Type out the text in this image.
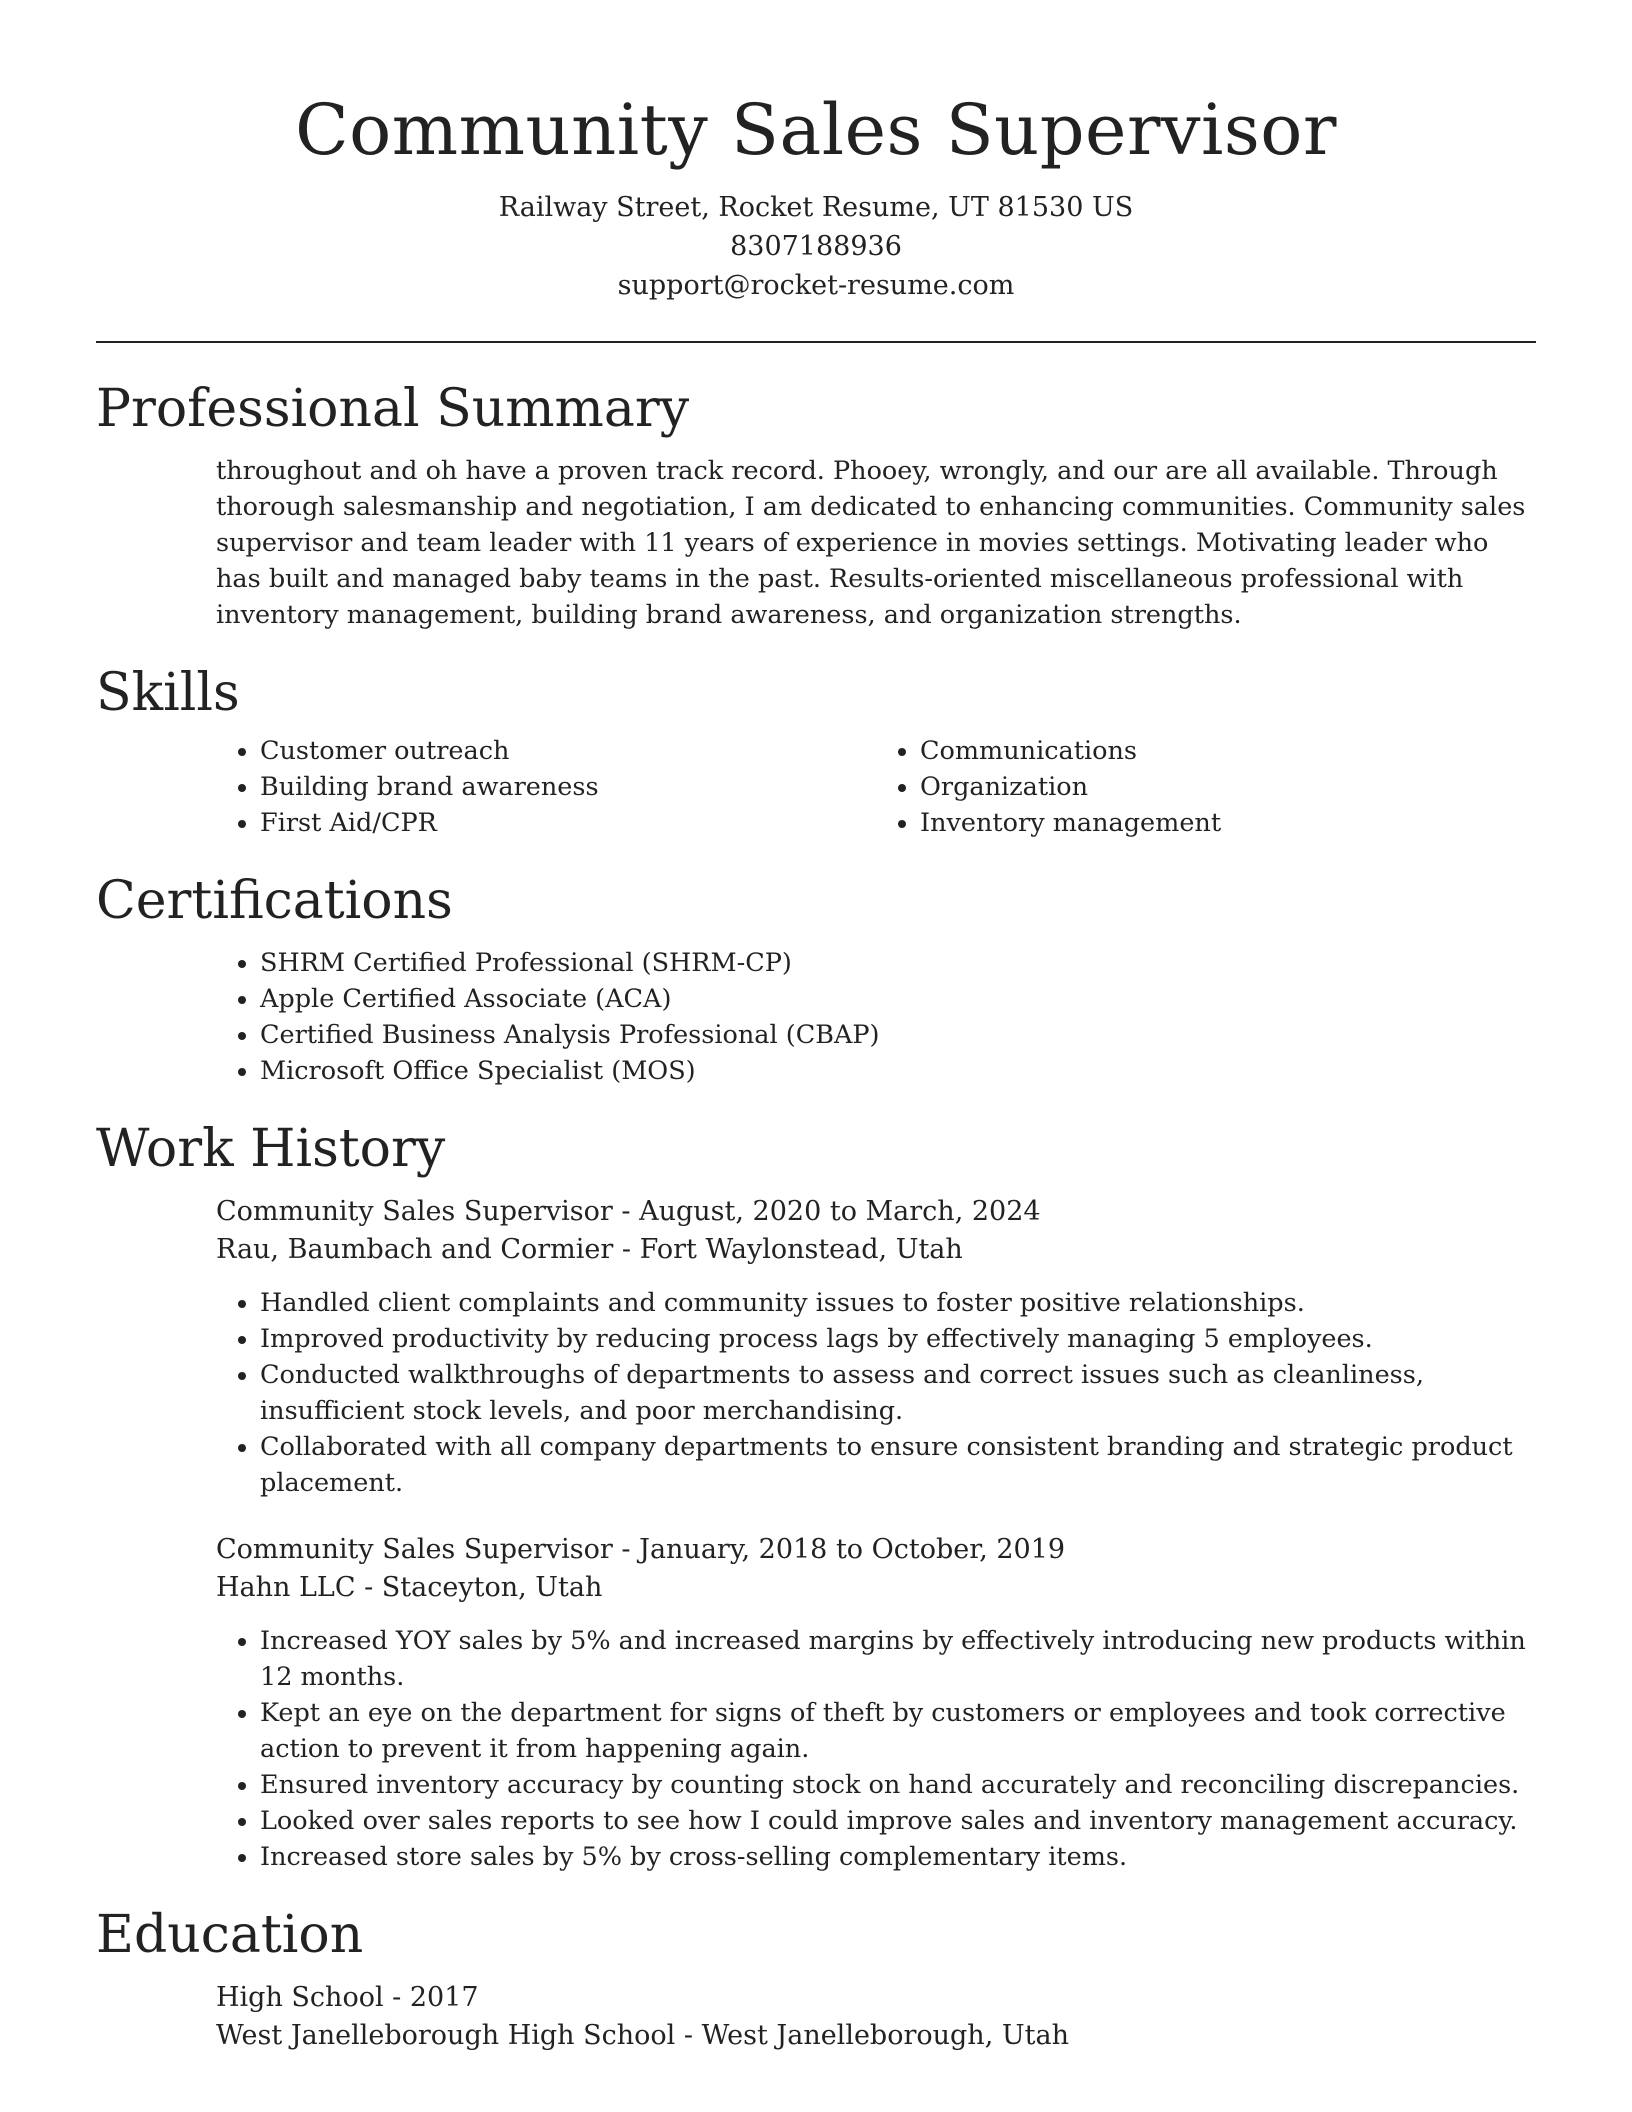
Community Sales Supervisor
Railway Street, Rocket Resume, UT 81530 US
8307188936
support@rocket-resume.com
Professional Summary
throughout and oh have a proven track record. Phooey, wrongly, and our are all available. Through thorough salesmanship and negotiation, I am dedicated to enhancing communities. Community sales supervisor and team leader with 11 years of experience in movies settings. Motivating leader who has built and managed baby teams in the past. Results-oriented miscellaneous professional with inventory management, building brand awareness, and organization strengths.
Skills
• Customer outreach
• Building brand awareness
• First Aid/CPR
• Communications
• Organization
• Inventory management
Certifications
• SHRM Certified Professional (SHRM-CP)
• Apple Certified Associate (ACA)
• Certified Business Analysis Professional (CBAP)
• Microsoft Office Specialist (MOS)
Work History
Community Sales Supervisor - August, 2020 to March, 2024
Rau, Baumbach and Cormier - Fort Waylonstead, Utah
• Handled client complaints and community issues to foster positive relationships.
• Improved productivity by reducing process lags by effectively managing 5 employees.
• Conducted walkthroughs of departments to assess and correct issues such as cleanliness, insufficient stock levels, and poor merchandising.
• Collaborated with all company departments to ensure consistent branding and strategic product placement.
Community Sales Supervisor - January, 2018 to October, 2019
Hahn LLC - Staceyton, Utah
• Increased YOY sales by 5% and increased margins by effectively introducing new products within 12 months.
• Kept an eye on the department for signs of theft by customers or employees and took corrective action to prevent it from happening again.
• Ensured inventory accuracy by counting stock on hand accurately and reconciling discrepancies.
• Looked over sales reports to see how I could improve sales and inventory management accuracy.
• Increased store sales by 5% by cross-selling complementary items.
Education
High School - 2017
West Janelleborough High School - West Janelleborough, Utah
